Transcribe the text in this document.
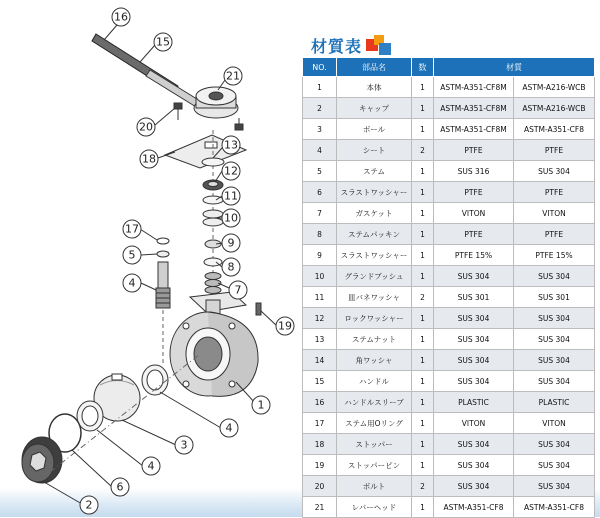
16
15
21
20
18
13
12
11
10
9
8
7
17
5
4
19
1
4
3
4
6
2
材質表
NO.	部品名	数	材質	
1	本体	1	ASTM-A351-CF8M	ASTM-A216-WCB
2	キャップ	1	ASTM-A351-CF8M	ASTM-A216-WCB
3	ボール	1	ASTM-A351-CF8M	ASTM-A351-CF8
4	シート	2	PTFE	PTFE
5	ステム	1	SUS 316	SUS 304
6	スラストワッシャー	1	PTFE	PTFE
7	ガスケット	1	VITON	VITON
8	ステムパッキン	1	PTFE	PTFE
9	スラストワッシャー	1	PTFE 15%	PTFE 15%
10	グランドブッシュ	1	SUS 304	SUS 304
11	皿バネワッシャ	2	SUS 301	SUS 301
12	ロックワッシャー	1	SUS 304	SUS 304
13	ステムナット	1	SUS 304	SUS 304
14	角ワッシャ	1	SUS 304	SUS 304
15	ハンドル	1	SUS 304	SUS 304
16	ハンドルスリーブ	1	PLASTIC	PLASTIC
17	ステム用Oリング	1	VITON	VITON
18	ストッパー	1	SUS 304	SUS 304
19	ストッパーピン	1	SUS 304	SUS 304
20	ボルト	2	SUS 304	SUS 304
21	レバーヘッド	1	ASTM-A351-CF8	ASTM-A351-CF8
